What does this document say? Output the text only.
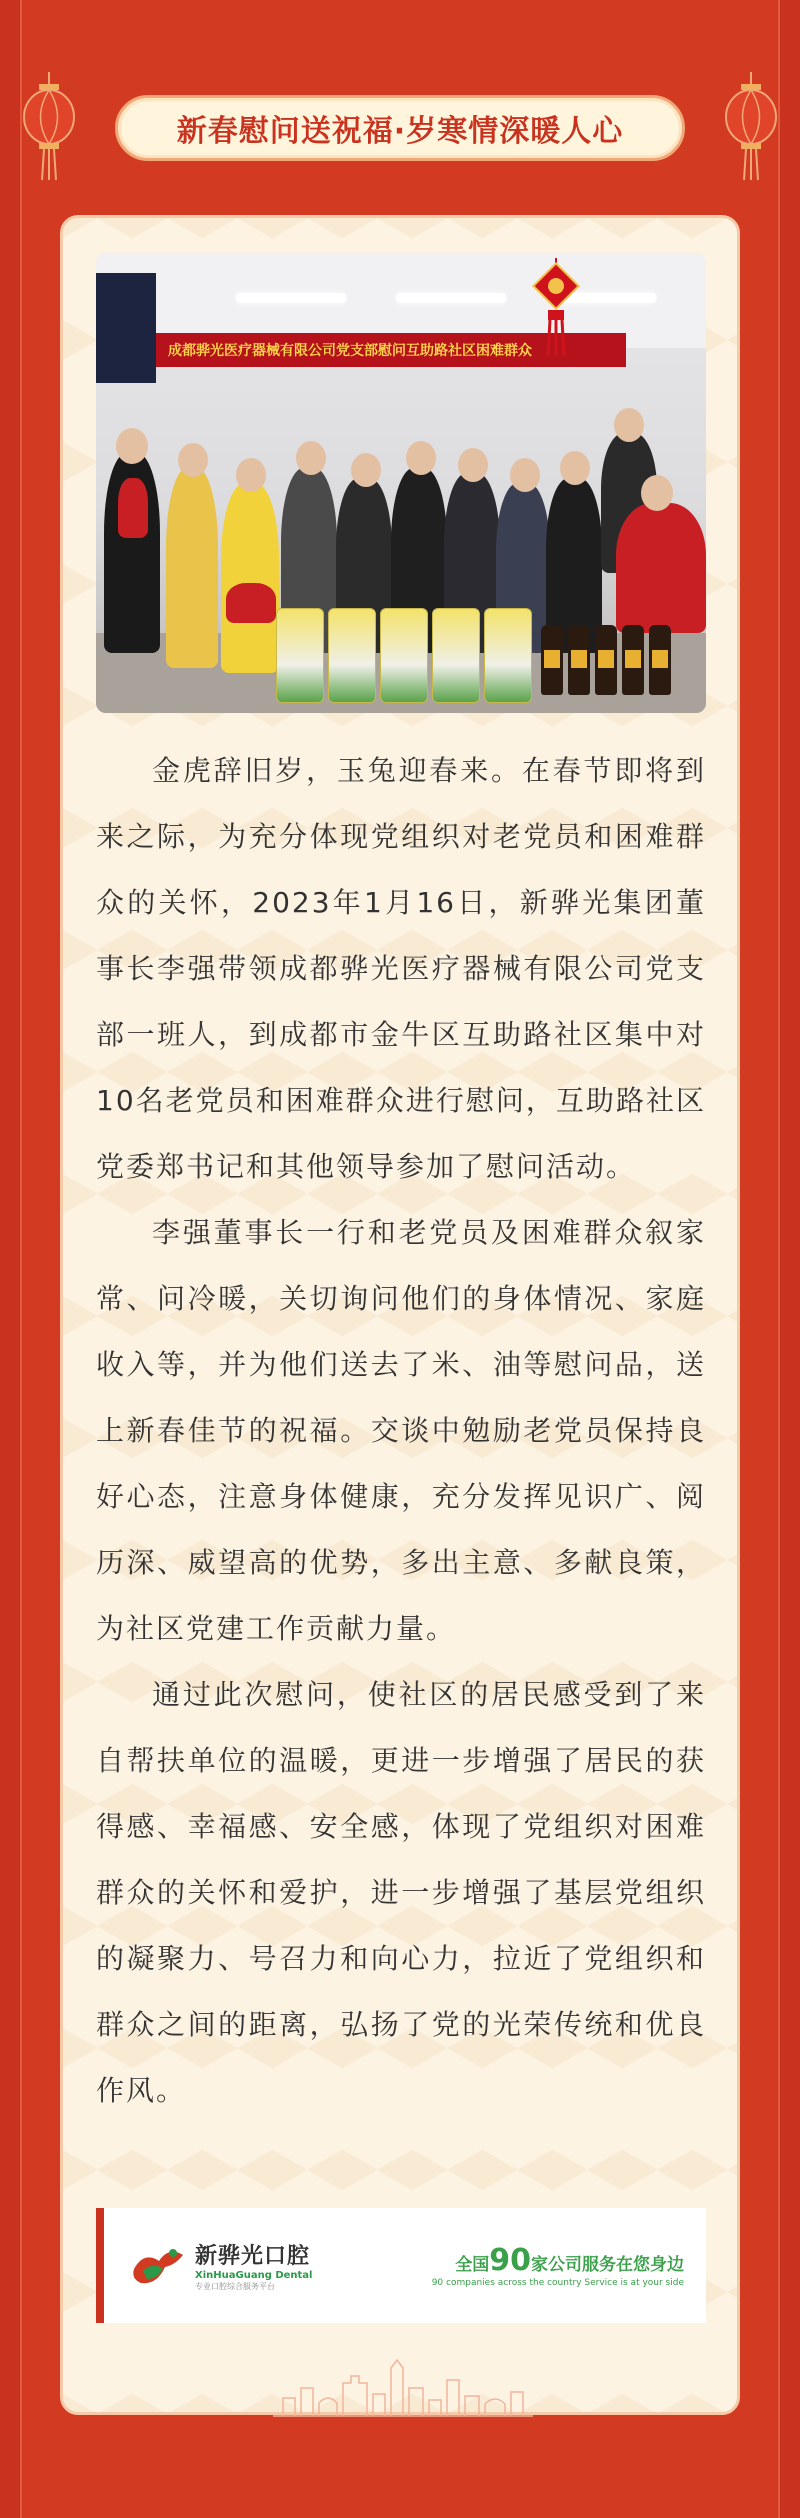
新春慰问送祝福·岁寒情深暖人心
成都骅光医疗器械有限公司党支部慰问互助路社区困难群众

金虎辞旧岁，玉兔迎春来。在春节即将到来之际，为充分体现党组织对老党员和困难群众的关怀，2023年1月16日，新骅光集团董事长李强带领成都骅光医疗器械有限公司党支部一班人，到成都市金牛区互助路社区集中对10名老党员和困难群众进行慰问，互助路社区党委郑书记和其他领导参加了慰问活动。

李强董事长一行和老党员及困难群众叙家常、问冷暖，关切询问他们的身体情况、家庭收入等，并为他们送去了米、油等慰问品，送上新春佳节的祝福。交谈中勉励老党员保持良好心态，注意身体健康，充分发挥见识广、阅历深、威望高的优势，多出主意、多献良策，为社区党建工作贡献力量。

通过此次慰问，使社区的居民感受到了来自帮扶单位的温暖，更进一步增强了居民的获得感、幸福感、安全感，体现了党组织对困难群众的关怀和爱护，进一步增强了基层党组织的凝聚力、号召力和向心力，拉近了党组织和群众之间的距离，弘扬了党的光荣传统和优良作风。

新骅光口腔
XinHuaGuang Dental
专业口腔综合服务平台
全国90家公司服务在您身边
90 companies across the country Service is at your side
